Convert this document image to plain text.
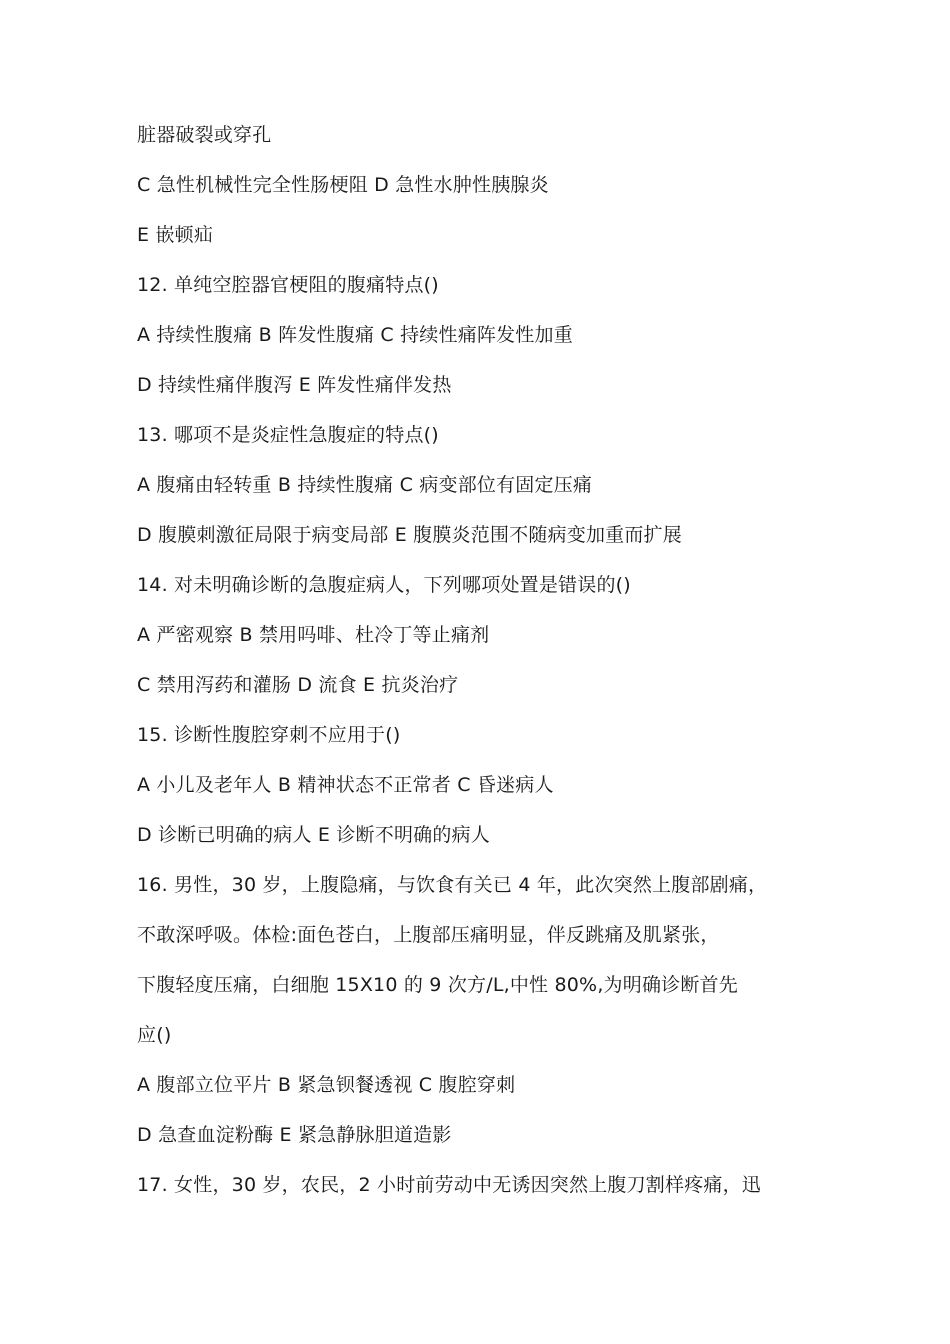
脏器破裂或穿孔
C 急性机械性完全性肠梗阻 D 急性水肿性胰腺炎
E 嵌顿疝
12. 单纯空腔器官梗阻的腹痛特点()
A 持续性腹痛 B 阵发性腹痛 C 持续性痛阵发性加重
D 持续性痛伴腹泻 E 阵发性痛伴发热
13. 哪项不是炎症性急腹症的特点()
A 腹痛由轻转重 B 持续性腹痛 C 病变部位有固定压痛
D 腹膜刺激征局限于病变局部 E 腹膜炎范围不随病变加重而扩展
14. 对未明确诊断的急腹症病人，下列哪项处置是错误的()
A 严密观察 B 禁用吗啡、杜冷丁等止痛剂
C 禁用泻药和灌肠 D 流食 E 抗炎治疗
15. 诊断性腹腔穿刺不应用于()
A 小儿及老年人 B 精神状态不正常者 C 昏迷病人
D 诊断已明确的病人 E 诊断不明确的病人
16. 男性，30 岁，上腹隐痛，与饮食有关已 4 年，此次突然上腹部剧痛，
不敢深呼吸。体检:面色苍白，上腹部压痛明显，伴反跳痛及肌紧张，
下腹轻度压痛，白细胞 15X10 的 9 次方/L,中性 80%,为明确诊断首先
应()
A 腹部立位平片 B 紧急钡餐透视 C 腹腔穿刺
D 急查血淀粉酶 E 紧急静脉胆道造影
17. 女性，30 岁，农民，2 小时前劳动中无诱因突然上腹刀割样疼痛，迅
